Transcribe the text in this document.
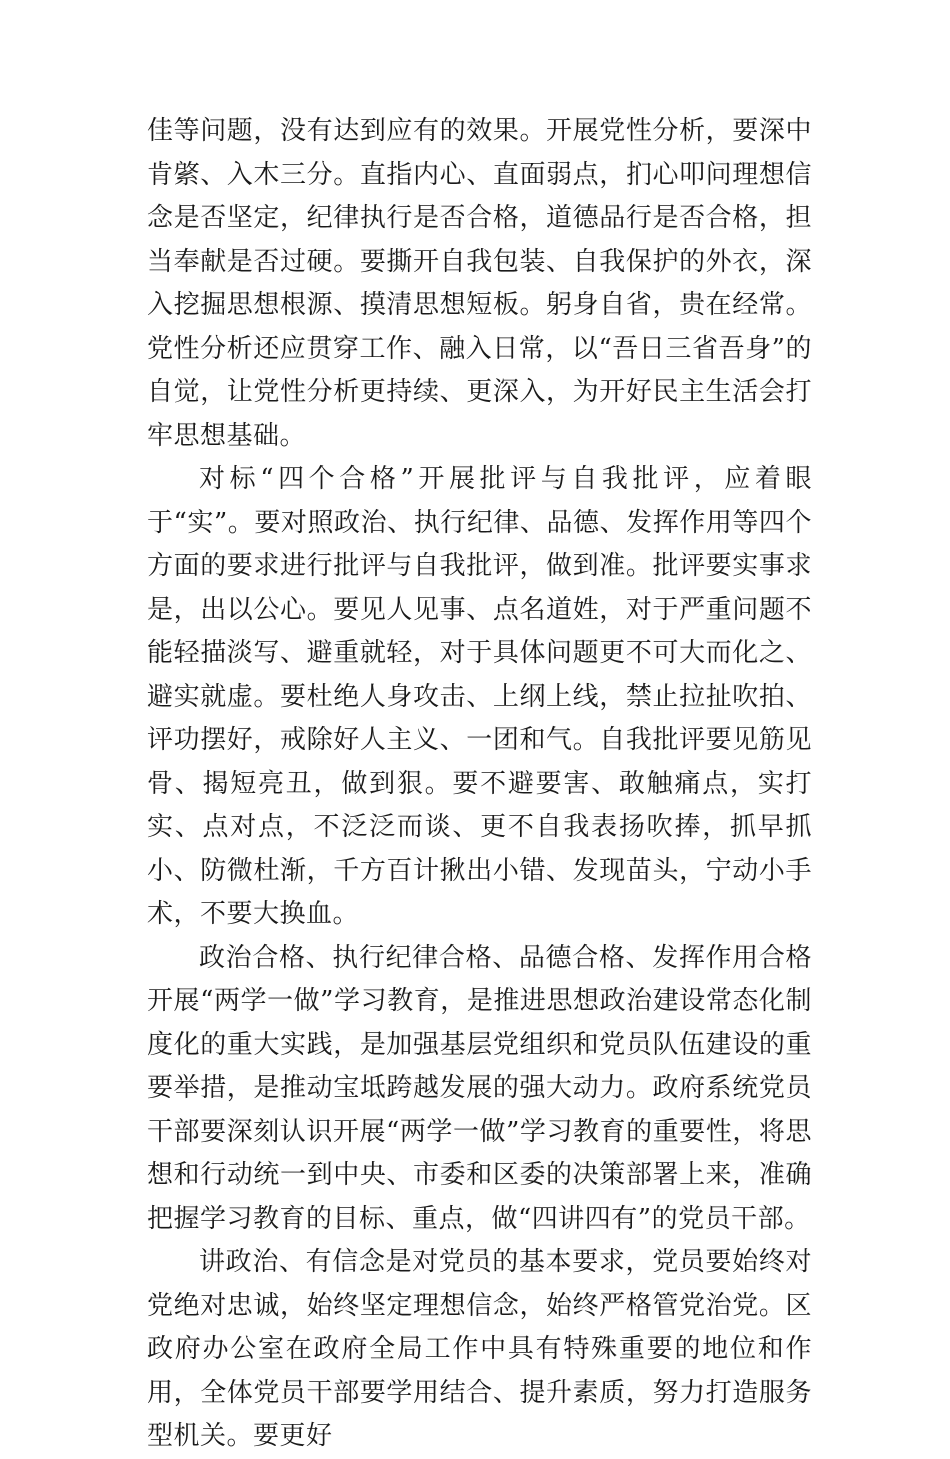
佳等问题，没有达到应有的效果。开展党性分析，要深中肯綮、入木三分。直指内心、直面弱点，扪心叩问理想信念是否坚定，纪律执行是否合格，道德品行是否合格，担当奉献是否过硬。要撕开自我包装、自我保护的外衣，深入挖掘思想根源、摸清思想短板。躬身自省，贵在经常。党性分析还应贯穿工作、融入日常，以“吾日三省吾身”的自觉，让党性分析更持续、更深入，为开好民主生活会打牢思想基础。

对标“四个合格”开展批评与自我批评，应着眼于“实”。要对照政治、执行纪律、品德、发挥作用等四个方面的要求进行批评与自我批评，做到准。批评要实事求是，出以公心。要见人见事、点名道姓，对于严重问题不能轻描淡写、避重就轻，对于具体问题更不可大而化之、避实就虚。要杜绝人身攻击、上纲上线，禁止拉扯吹拍、评功摆好，戒除好人主义、一团和气。自我批评要见筋见骨、揭短亮丑，做到狠。要不避要害、敢触痛点，实打实、点对点，不泛泛而谈、更不自我表扬吹捧，抓早抓小、防微杜渐，千方百计揪出小错、发现苗头，宁动小手术，不要大换血。

政治合格、执行纪律合格、品德合格、发挥作用合格 开展“两学一做”学习教育，是推进思想政治建设常态化制度化的重大实践，是加强基层党组织和党员队伍建设的重要举措，是推动宝坻跨越发展的强大动力。政府系统党员干部要深刻认识开展“两学一做”学习教育的重要性，将思想和行动统一到中央、市委和区委的决策部署上来，准确把握学习教育的目标、重点，做“四讲四有”的党员干部。

讲政治、有信念是对党员的基本要求，党员要始终对党绝对忠诚，始终坚定理想信念，始终严格管党治党。区政府办公室在政府全局工作中具有特殊重要的地位和作用，全体党员干部要学用结合、提升素质，努力打造服务型机关。要更好
